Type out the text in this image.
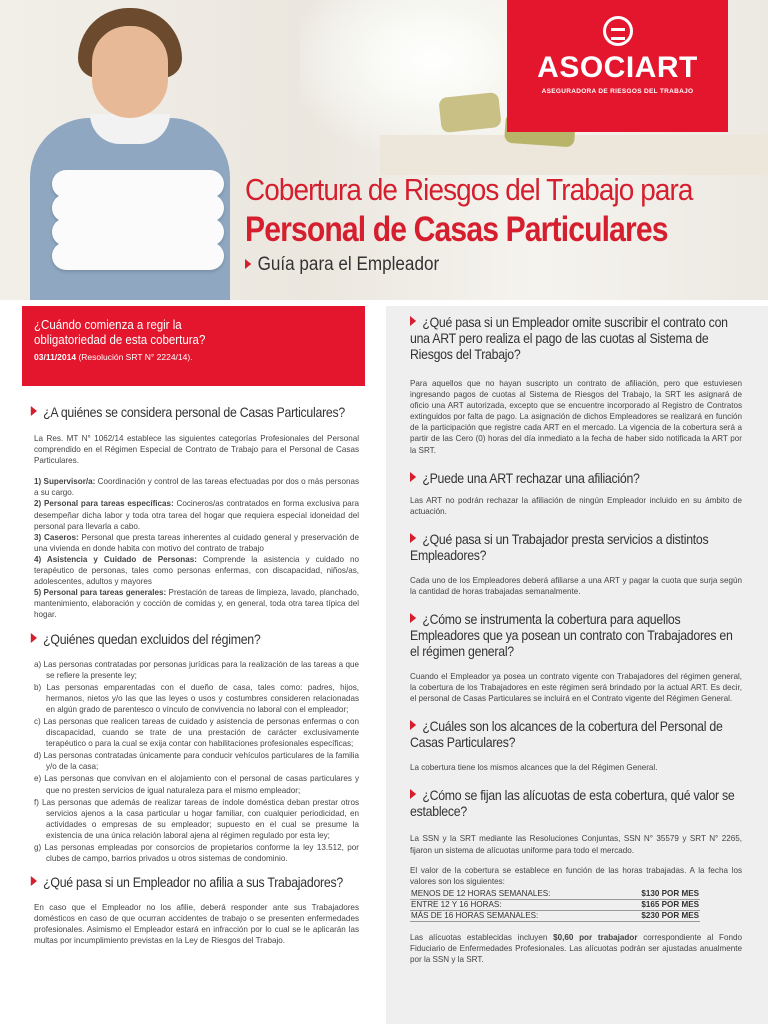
ASOCIART
ASEGURADORA DE RIESGOS DEL TRABAJO
Cobertura de Riesgos del Trabajo para
Personal de Casas Particulares
Guía para el Empleador
¿Cuándo comienza a regir la
obligatoriedad de esta cobertura?
03/11/2014 (Resolución SRT N° 2224/14).
¿A quiénes se considera personal de Casas Particulares?

La Res. MT N° 1062/14 establece las siguientes categorías Profesionales del Personal comprendido en el Régimen Especial de Contrato de Trabajo para el Personal de Casas Particulares.

1) Supervisor/a: Coordinación y control de las tareas efectuadas por dos o más personas a su cargo.

2) Personal para tareas específicas: Cocineros/as contratados en forma exclusiva para desempeñar dicha labor y toda otra tarea del hogar que requiera especial idoneidad del personal para llevarla a cabo.

3) Caseros: Personal que presta tareas inherentes al cuidado general y preservación de una vivienda en donde habita con motivo del contrato de trabajo

4) Asistencia y Cuidado de Personas: Comprende la asistencia y cuidado no terapéutico de personas, tales como personas enfermas, con discapacidad, niños/as, adolescentes, adultos y mayores

5) Personal para tareas generales: Prestación de tareas de limpieza, lavado, planchado, mantenimiento, elaboración y cocción de comidas y, en general, toda otra tarea típica del hogar.

¿Quiénes quedan excluidos del régimen?
a) Las personas contratadas por personas jurídicas para la realización de las tareas a que se refiere la presente ley;
b) Las personas emparentadas con el dueño de casa, tales como: padres, hijos, hermanos, nietos y/o las que las leyes o usos y costumbres consideren relacionadas en algún grado de parentesco o vínculo de convivencia no laboral con el empleador;
c) Las personas que realicen tareas de cuidado y asistencia de personas enfermas o con discapacidad, cuando se trate de una prestación de carácter exclusivamente terapéutico o para la cual se exija contar con habilitaciones profesionales específicas;
d) Las personas contratadas únicamente para conducir vehículos particulares de la familia y/o de la casa;
e) Las personas que convivan en el alojamiento con el personal de casas particulares y que no presten servicios de igual naturaleza para el mismo empleador;
f) Las personas que además de realizar tareas de índole doméstica deban prestar otros servicios ajenos a la casa particular u hogar familiar, con cualquier periodicidad, en actividades o empresas de su empleador; supuesto en el cual se presume la existencia de una única relación laboral ajena al régimen regulado por esta ley;
g) Las personas empleadas por consorcios de propietarios conforme la ley 13.512, por clubes de campo, barrios privados u otros sistemas de condominio.
¿Qué pasa si un Empleador no afilia a sus Trabajadores?

En caso que el Empleador no los afilie, deberá responder ante sus Trabajadores domésticos en caso de que ocurran accidentes de trabajo o se presenten enfermedades profesionales. Asimismo el Empleador estará en infracción por lo cual se le aplicarán las multas por incumplimiento previstas en la Ley de Riesgos del Trabajo.

¿Qué pasa si un Empleador omite suscribir el contrato con una ART pero realiza el pago de las cuotas al Sistema de Riesgos del Trabajo?

Para aquellos que no hayan suscripto un contrato de afiliación, pero que estuviesen ingresando pagos de cuotas al Sistema de Riesgos del Trabajo, la SRT les asignará de oficio una ART autorizada, excepto que se encuentre incorporado al Registro de Contratos extinguidos por falta de pago. La asignación de dichos Empleadores se realizará en función de la participación que registre cada ART en el mercado. La vigencia de la cobertura será a partir de las Cero (0) horas del día inmediato a la fecha de haber sido notificada la ART por la SRT.

¿Puede una ART rechazar una afiliación?

Las ART no podrán rechazar la afiliación de ningún Empleador incluido en su ámbito de actuación.

¿Qué pasa si un Trabajador presta servicios a distintos Empleadores?

Cada uno de los Empleadores deberá afiliarse a una ART y pagar la cuota que surja según la cantidad de horas trabajadas semanalmente.

¿Cómo se instrumenta la cobertura para aquellos Empleadores que ya posean un contrato con Trabajadores en el régimen general?

Cuando el Empleador ya posea un contrato vigente con Trabajadores del régimen general, la cobertura de los Trabajadores en este régimen será brindado por la actual ART. Es decir, el personal de Casas Particulares se incluirá en el Contrato vigente del Régimen General.

¿Cuáles son los alcances de la cobertura del Personal de Casas Particulares?

La cobertura tiene los mismos alcances que la del Régimen General.

¿Cómo se fijan las alícuotas de esta cobertura, qué valor se establece?

La SSN y la SRT mediante las Resoluciones Conjuntas, SSN N° 35579 y SRT N° 2265, fijaron un sistema de alícuotas uniforme para todo el mercado.

El valor de la cobertura se establece en función de las horas trabajadas. A la fecha los valores son los siguientes:

MENOS DE 12 HORAS SEMANALES:	$130 POR MES
ENTRE 12 Y 16 HORAS:	$165 POR MES
MÁS DE 16 HORAS SEMANALES:	$230 POR MES

Las alícuotas establecidas incluyen $0,60 por trabajador correspondiente al Fondo Fiduciario de Enfermedades Profesionales. Las alícuotas podrán ser ajustadas anualmente por la SSN y la SRT.
